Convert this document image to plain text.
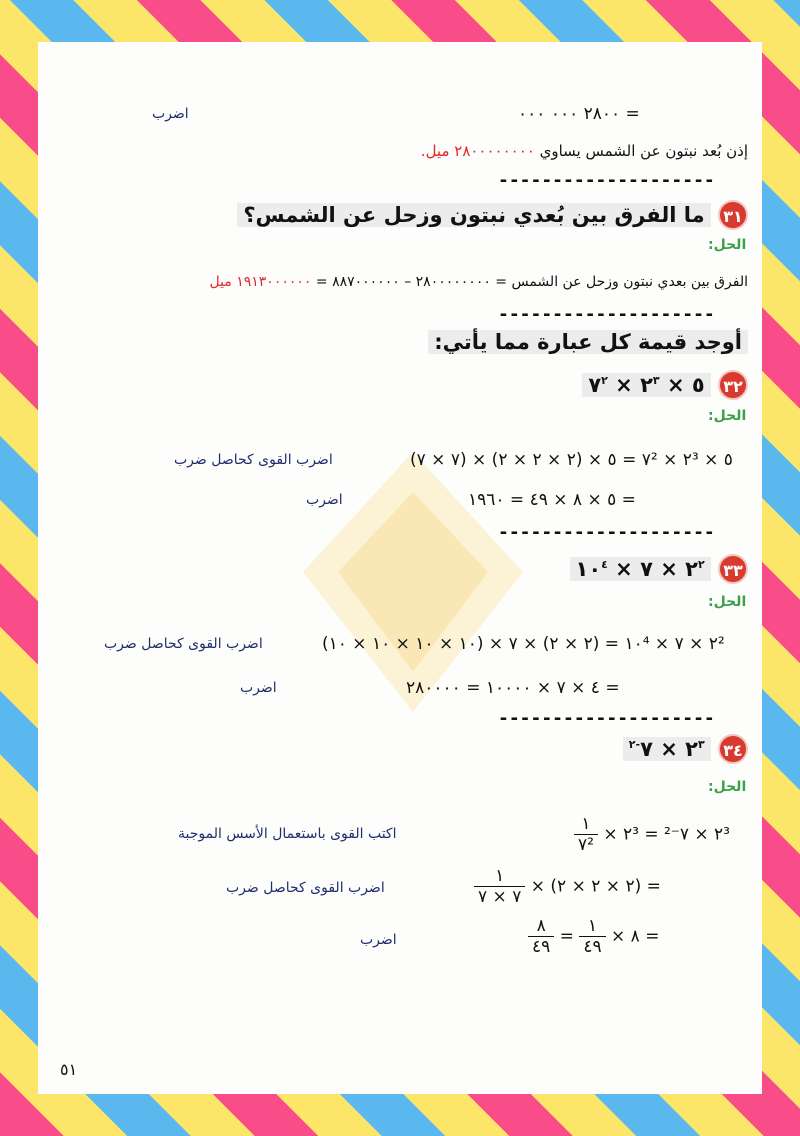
= ٢٨٠٠ ٠٠٠ ٠٠٠
اضرب
إذن بُعد نبتون عن الشمس يساوي ٢٨٠٠٠٠٠٠٠٠ ميل.
--------------------
٣١ ما الفرق بين بُعدي نبتون وزحل عن الشمس؟
الحل:
الفرق بين بعدي نبتون وزحل عن الشمس = ٢٨٠٠٠٠٠٠٠٠ – ٨٨٧٠٠٠٠٠٠ = ١٩١٣٠٠٠٠٠٠ ميل
--------------------
أوجد قيمة كل عبارة مما يأتي:
٣٢ ٥ × $٢^٣$ × $٧^٢$
الحل:
٥ × ٢³ × ٧² = ٥ × (٢ × ٢ × ٢) × (٧ × ٧)
اضرب القوى كحاصل ضرب
= ٥ × ٨ × ٤٩ = ١٩٦٠
اضرب
--------------------
٣٣ $٢^٢$ × ٧ × $١٠^٤$
الحل:
٢² × ٧ × ١٠⁴ = (٢ × ٢) × ٧ × (١٠ × ١٠ × ١٠ × ١٠)
اضرب القوى كحاصل ضرب
= ٤ × ٧ × ١٠٠٠٠ = ٢٨٠٠٠٠
اضرب
--------------------
٣٤ $٢^٣$ × $٧^{-٢}$
الحل:
٢³ × ٧⁻² = ٢³ ×
$\frac{١}{\text{٧²}}$
اكتب القوى باستعمال الأسس الموجبة
= (٢ × ٢ × ٢) ×
$\frac{١}{٧ \times ٧}$
اضرب القوى كحاصل ضرب
= ٨ ×
$\frac{١}{٤٩}$
=
$\frac{٨}{٤٩}$
اضرب
٥١
